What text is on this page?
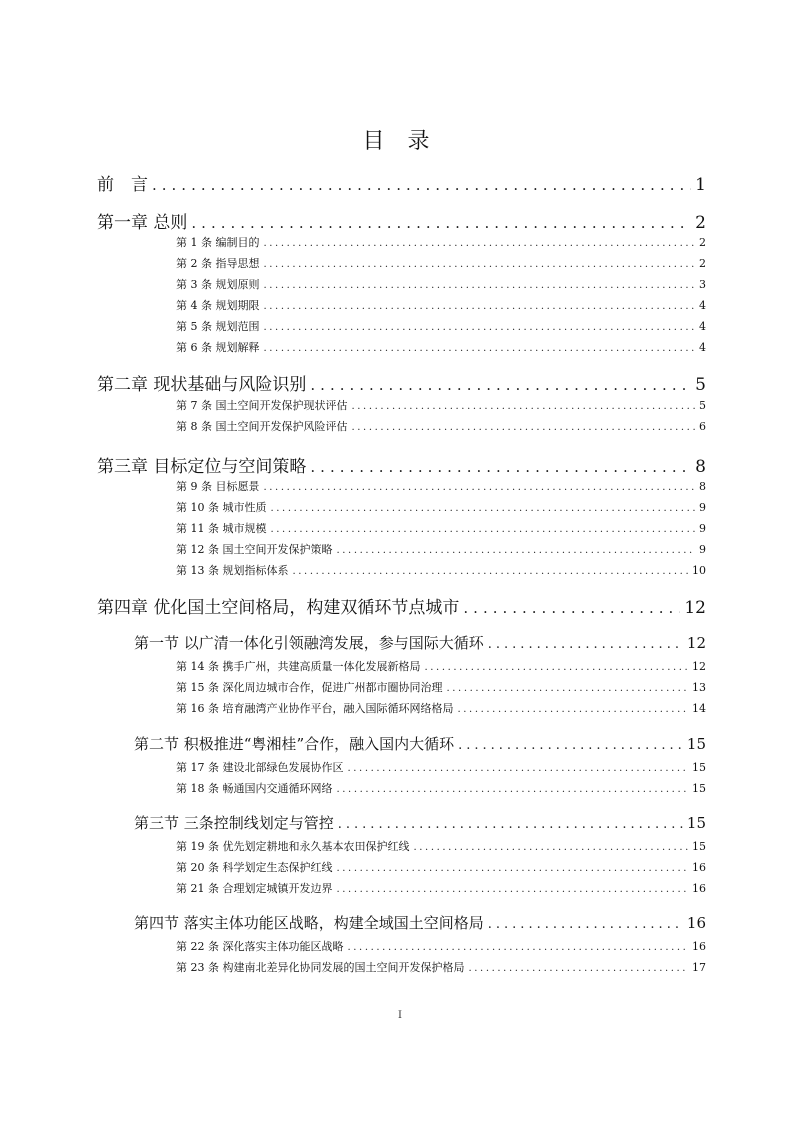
目 录
前　言 .....	1
第一章 总则 .....	2
第 1 条 编制目的 .....	2
第 2 条 指导思想 .....	2
第 3 条 规划原则 .....	3
第 4 条 规划期限 .....	4
第 5 条 规划范围 .....	4
第 6 条 规划解释 .....	4
第二章 现状基础与风险识别 .....	5
第 7 条 国土空间开发保护现状评估 .....	5
第 8 条 国土空间开发保护风险评估 .....	6
第三章 目标定位与空间策略 .....	8
第 9 条 目标愿景 .....	8
第 10 条 城市性质 .....	9
第 11 条 城市规模 .....	9
第 12 条 国土空间开发保护策略 .....	9
第 13 条 规划指标体系 .....	10
第四章 优化国土空间格局，构建双循环节点城市 .....	12
第一节 以广清一体化引领融湾发展，参与国际大循环 .....	12
第 14 条 携手广州，共建高质量一体化发展新格局 .....	12
第 15 条 深化周边城市合作，促进广州都市圈协同治理 .....	13
第 16 条 培育融湾产业协作平台，融入国际循环网络格局 .....	14
第二节 积极推进“粤湘桂”合作，融入国内大循环 .....	15
第 17 条 建设北部绿色发展协作区 .....	15
第 18 条 畅通国内交通循环网络 .....	15
第三节 三条控制线划定与管控 .....	15
第 19 条 优先划定耕地和永久基本农田保护红线 .....	15
第 20 条 科学划定生态保护红线 .....	16
第 21 条 合理划定城镇开发边界 .....	16
第四节 落实主体功能区战略，构建全域国土空间格局 .....	16
第 22 条 深化落实主体功能区战略 .....	16
第 23 条 构建南北差异化协同发展的国土空间开发保护格局 .....	17
I
